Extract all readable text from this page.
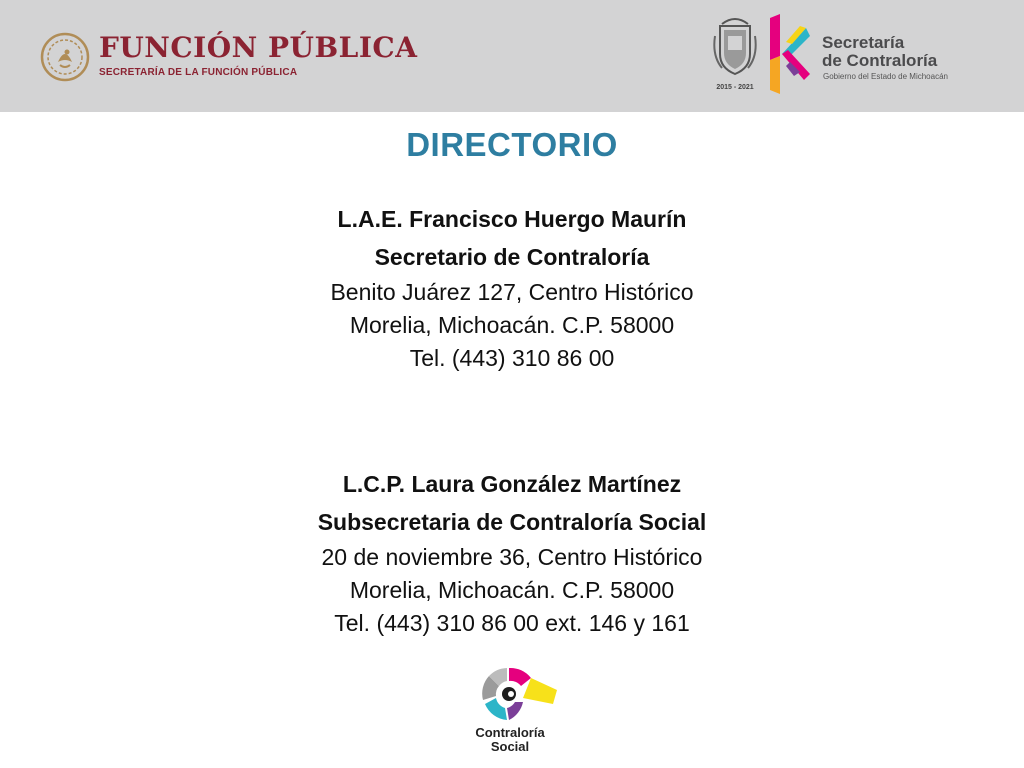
FUNCIÓN PÚBLICA
SECRETARÍA DE LA FUNCIÓN PÚBLICA
2015 - 2021
Secretaría
de Contraloría
Gobierno del Estado de Michoacán
DIRECTORIO
L.A.E. Francisco Huergo Maurín
Secretario de Contraloría
Benito Juárez 127, Centro Histórico
Morelia, Michoacán. C.P. 58000
Tel. (443) 310 86 00
L.C.P. Laura González Martínez
Subsecretaria de Contraloría Social
20 de noviembre 36, Centro Histórico
Morelia, Michoacán. C.P. 58000
Tel. (443) 310 86 00 ext. 146 y 161
Contraloría
Social
